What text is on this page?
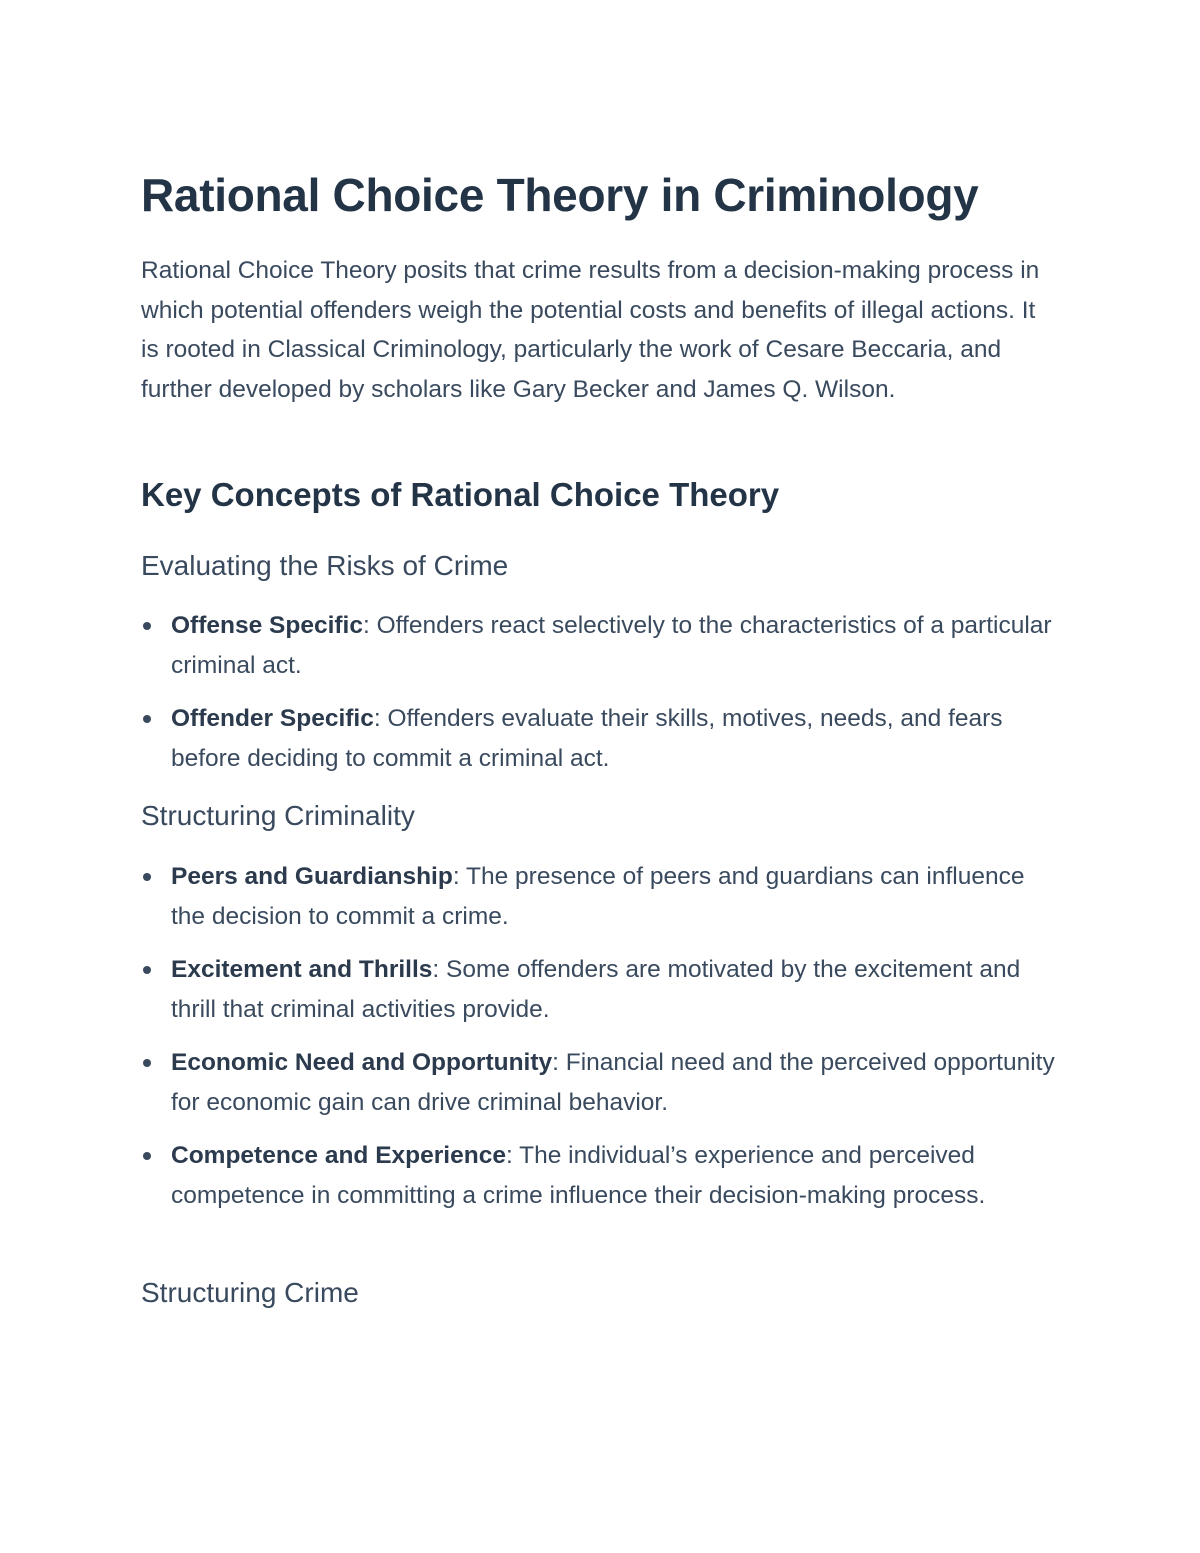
Rational Choice Theory in Criminology

Rational Choice Theory posits that crime results from a decision-making process in which potential offenders weigh the potential costs and benefits of illegal actions. It is rooted in Classical Criminology, particularly the work of Cesare Beccaria, and further developed by scholars like Gary Becker and James Q. Wilson.

Key Concepts of Rational Choice Theory
Evaluating the Risks of Crime
Offense Specific: Offenders react selectively to the characteristics of a particular criminal act.
Offender Specific: Offenders evaluate their skills, motives, needs, and fears before deciding to commit a criminal act.
Structuring Criminality
Peers and Guardianship: The presence of peers and guardians can influence the decision to commit a crime.
Excitement and Thrills: Some offenders are motivated by the excitement and thrill that criminal activities provide.
Economic Need and Opportunity: Financial need and the perceived opportunity for economic gain can drive criminal behavior.
Competence and Experience: The individual’s experience and perceived competence in committing a crime influence their decision-making process.
Structuring Crime
